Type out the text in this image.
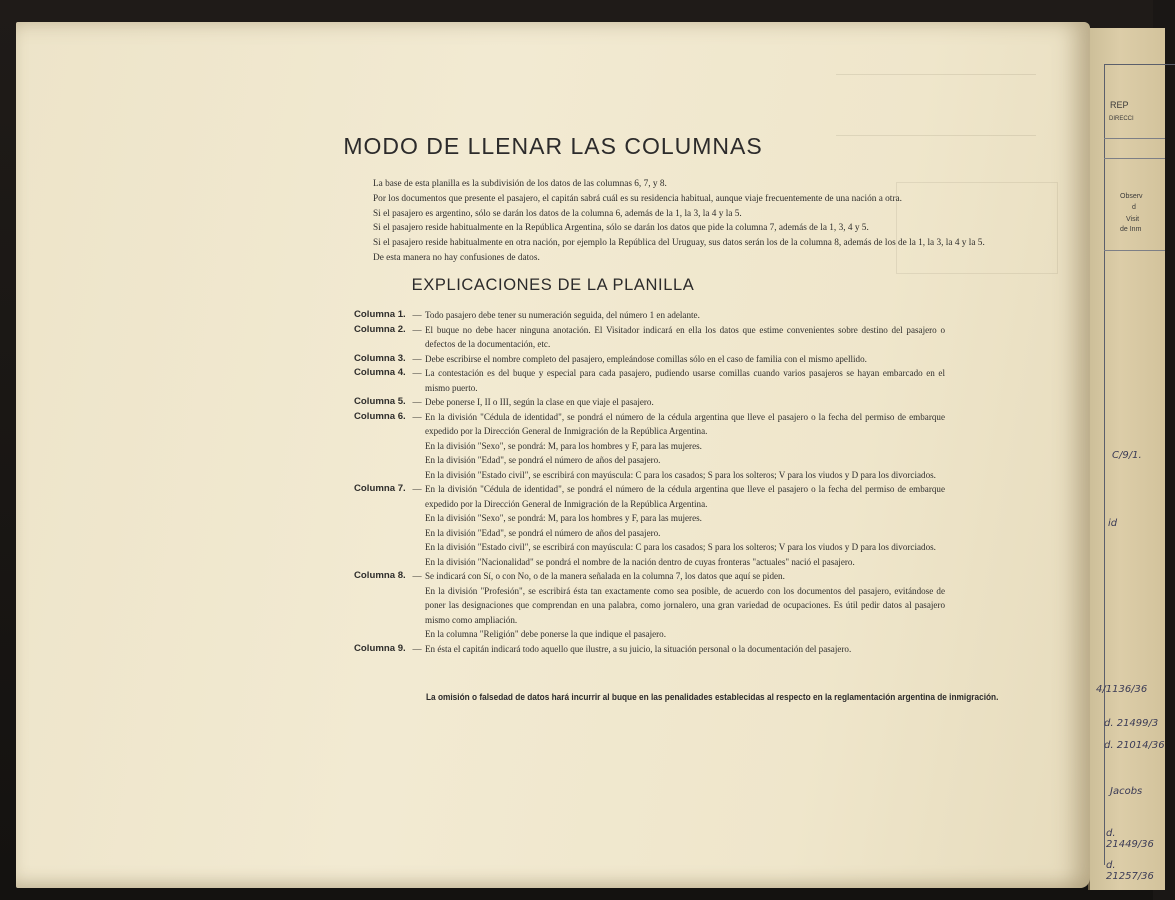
REP
DIRECCI
Observ
d
Visit
de Inm
C/9/1.
id
4/1136/36
d. 21499/3
d. 21014/36
Jacobs
d. 21449/36
d. 21257/36
MODO DE LLENAR LAS COLUMNAS

La base de esta planilla es la subdivisión de los datos de las columnas 6, 7, y 8.

Por los documentos que presente el pasajero, el capitán sabrá cuál es su residencia habitual, aunque viaje frecuentemente de una nación a otra.

Si el pasajero es argentino, sólo se darán los datos de la columna 6, además de la 1, la 3, la 4 y la 5.

Si el pasajero reside habitualmente en la República Argentina, sólo se darán los datos que pide la columna 7, además de la 1, 3, 4 y 5.

Si el pasajero reside habitualmente en otra nación, por ejemplo la República del Uruguay, sus datos serán los de la columna 8, además de los de la 1, la 3, la 4 y la 5.

De esta manera no hay confusiones de datos.

EXPLICACIONES DE LA PLANILLA
Columna 1. — Todo pasajero debe tener su numeración seguida, del número 1 en adelante.

Columna 2. — El buque no debe hacer ninguna anotación. El Visitador indicará en ella los datos que estime convenientes sobre destino del pasajero o defectos de la documentación, etc.

Columna 3. — Debe escribirse el nombre completo del pasajero, empleándose comillas sólo en el caso de familia con el mismo apellido.

Columna 4. — La contestación es del buque y especial para cada pasajero, pudiendo usarse comillas cuando varios pasajeros se hayan embarcado en el mismo puerto.

Columna 5. — Debe ponerse I, II o III, según la clase en que viaje el pasajero.

Columna 6. — En la división "Cédula de identidad", se pondrá el número de la cédula argentina que lleve el pasajero o la fecha del permiso de embarque expedido por la Dirección General de Inmigración de la República Argentina.

En la división "Sexo", se pondrá: M, para los hombres y F, para las mujeres.

En la división "Edad", se pondrá el número de años del pasajero.

En la división "Estado civil", se escribirá con mayúscula: C para los casados; S para los solteros; V para los viudos y D para los divorciados.

Columna 7. — En la división "Cédula de identidad", se pondrá el número de la cédula argentina que lleve el pasajero o la fecha del permiso de embarque expedido por la Dirección General de Inmigración de la República Argentina.

En la división "Sexo", se pondrá: M, para los hombres y F, para las mujeres.

En la división "Edad", se pondrá el número de años del pasajero.

En la división "Estado civil", se escribirá con mayúscula: C para los casados; S para los solteros; V para los viudos y D para los divorciados.

En la división "Nacionalidad" se pondrá el nombre de la nación dentro de cuyas fronteras "actuales" nació el pasajero.

Columna 8. — Se indicará con Sí, o con No, o de la manera señalada en la columna 7, los datos que aquí se piden.

En la división "Profesión", se escribirá ésta tan exactamente como sea posible, de acuerdo con los documentos del pasajero, evitándose de poner las designaciones que comprendan en una palabra, como jornalero, una gran variedad de ocupaciones. Es útil pedir datos al pasajero mismo como ampliación.

En la columna "Religión" debe ponerse la que indique el pasajero.

Columna 9. — En ésta el capitán indicará todo aquello que ilustre, a su juicio, la situación personal o la documentación del pasajero.

La omisión o falsedad de datos hará incurrir al buque en las penalidades establecidas al respecto en la reglamentación argentina de inmigración.
